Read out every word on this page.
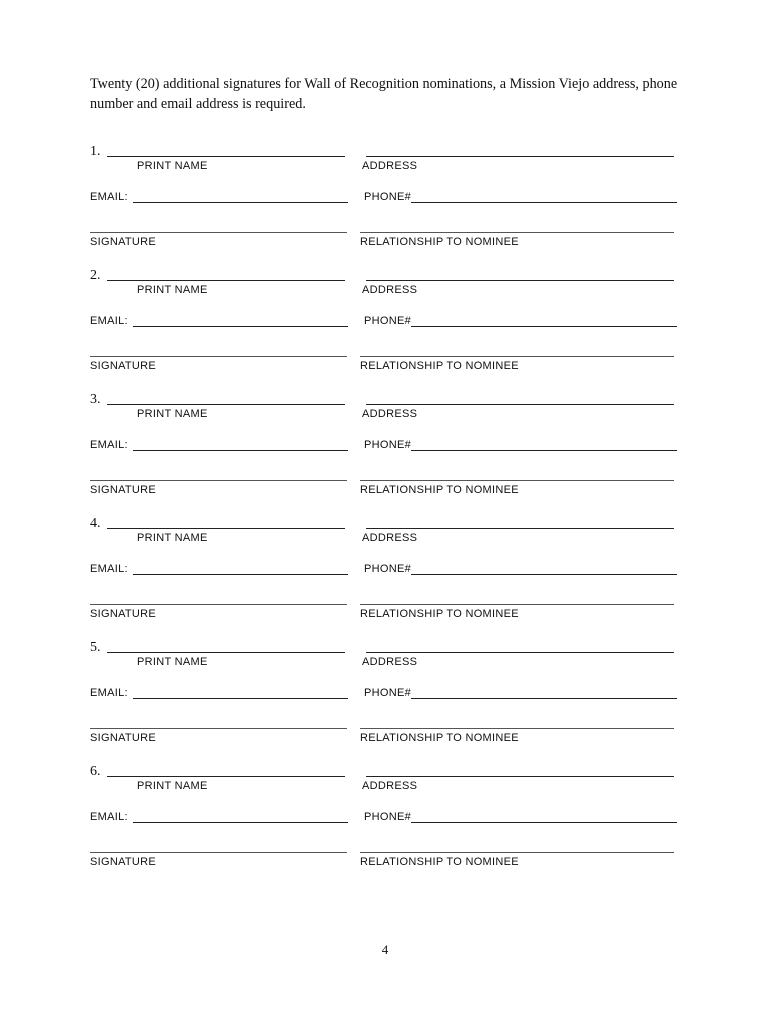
Twenty (20) additional signatures for Wall of Recognition nominations, a Mission Viejo address, phone number and email address is required.

1.
PRINT NAME	ADDRESS
EMAIL:	PHONE#
SIGNATURE	RELATIONSHIP TO NOMINEE
2.
PRINT NAME	ADDRESS
EMAIL:	PHONE#
SIGNATURE	RELATIONSHIP TO NOMINEE
3.
PRINT NAME	ADDRESS
EMAIL:	PHONE#
SIGNATURE	RELATIONSHIP TO NOMINEE
4.
PRINT NAME	ADDRESS
EMAIL:	PHONE#
SIGNATURE	RELATIONSHIP TO NOMINEE
5.
PRINT NAME	ADDRESS
EMAIL:	PHONE#
SIGNATURE	RELATIONSHIP TO NOMINEE
6.
PRINT NAME	ADDRESS
EMAIL:	PHONE#
SIGNATURE	RELATIONSHIP TO NOMINEE
4
